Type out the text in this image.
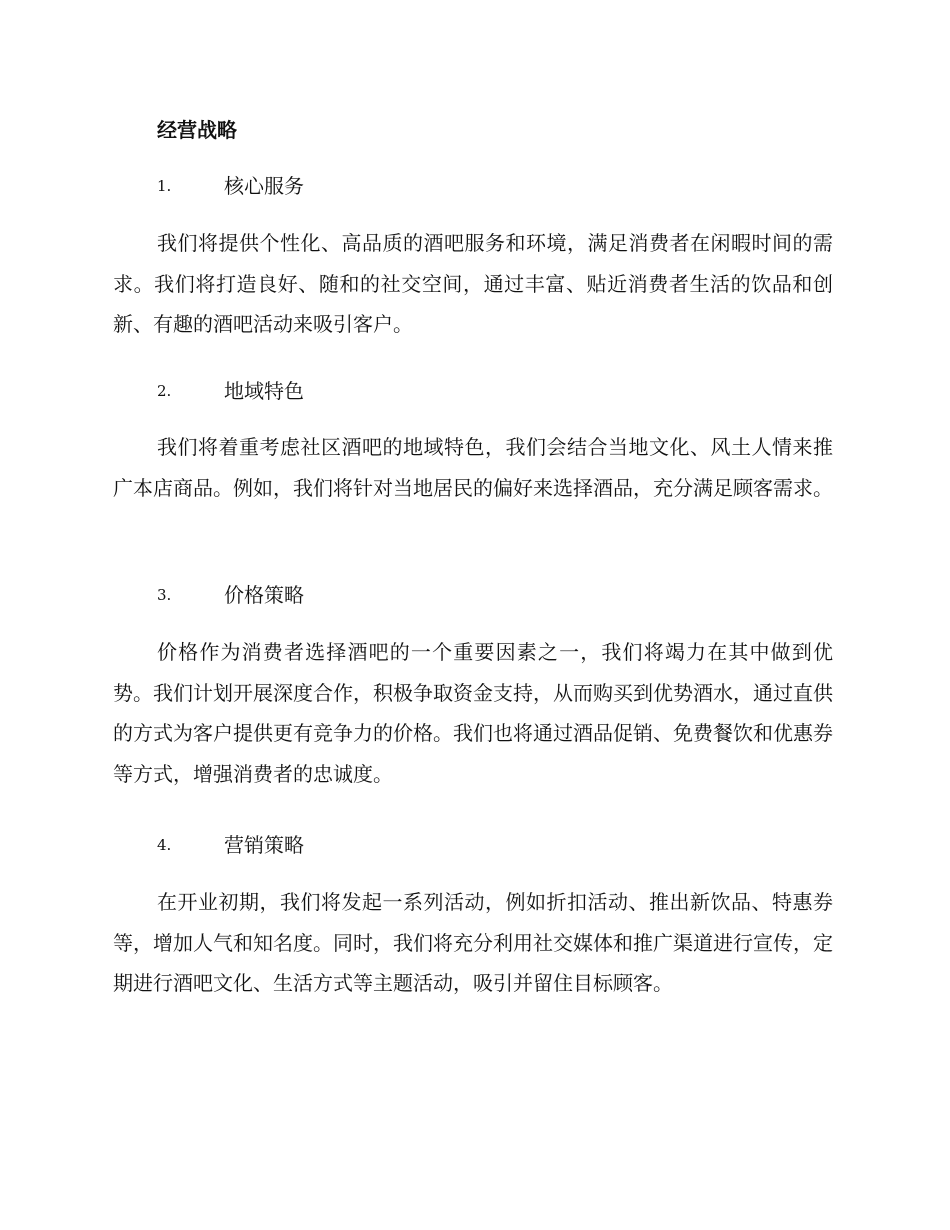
经营战略
1.	核心服务

我们将提供个性化、高品质的酒吧服务和环境，满足消费者在闲暇时间的需求。我们将打造良好、随和的社交空间，通过丰富、贴近消费者生活的饮品和创新、有趣的酒吧活动来吸引客户。

2.	地域特色

我们将着重考虑社区酒吧的地域特色，我们会结合当地文化、风土人情来推广本店商品。例如，我们将针对当地居民的偏好来选择酒品，充分满足顾客需求。

3.	价格策略

价格作为消费者选择酒吧的一个重要因素之一，我们将竭力在其中做到优势。我们计划开展深度合作，积极争取资金支持，从而购买到优势酒水，通过直供的方式为客户提供更有竞争力的价格。我们也将通过酒品促销、免费餐饮和优惠券等方式，增强消费者的忠诚度。

4.	营销策略

在开业初期，我们将发起一系列活动，例如折扣活动、推出新饮品、特惠券等，增加人气和知名度。同时，我们将充分利用社交媒体和推广渠道进行宣传，定期进行酒吧文化、生活方式等主题活动，吸引并留住目标顾客。
